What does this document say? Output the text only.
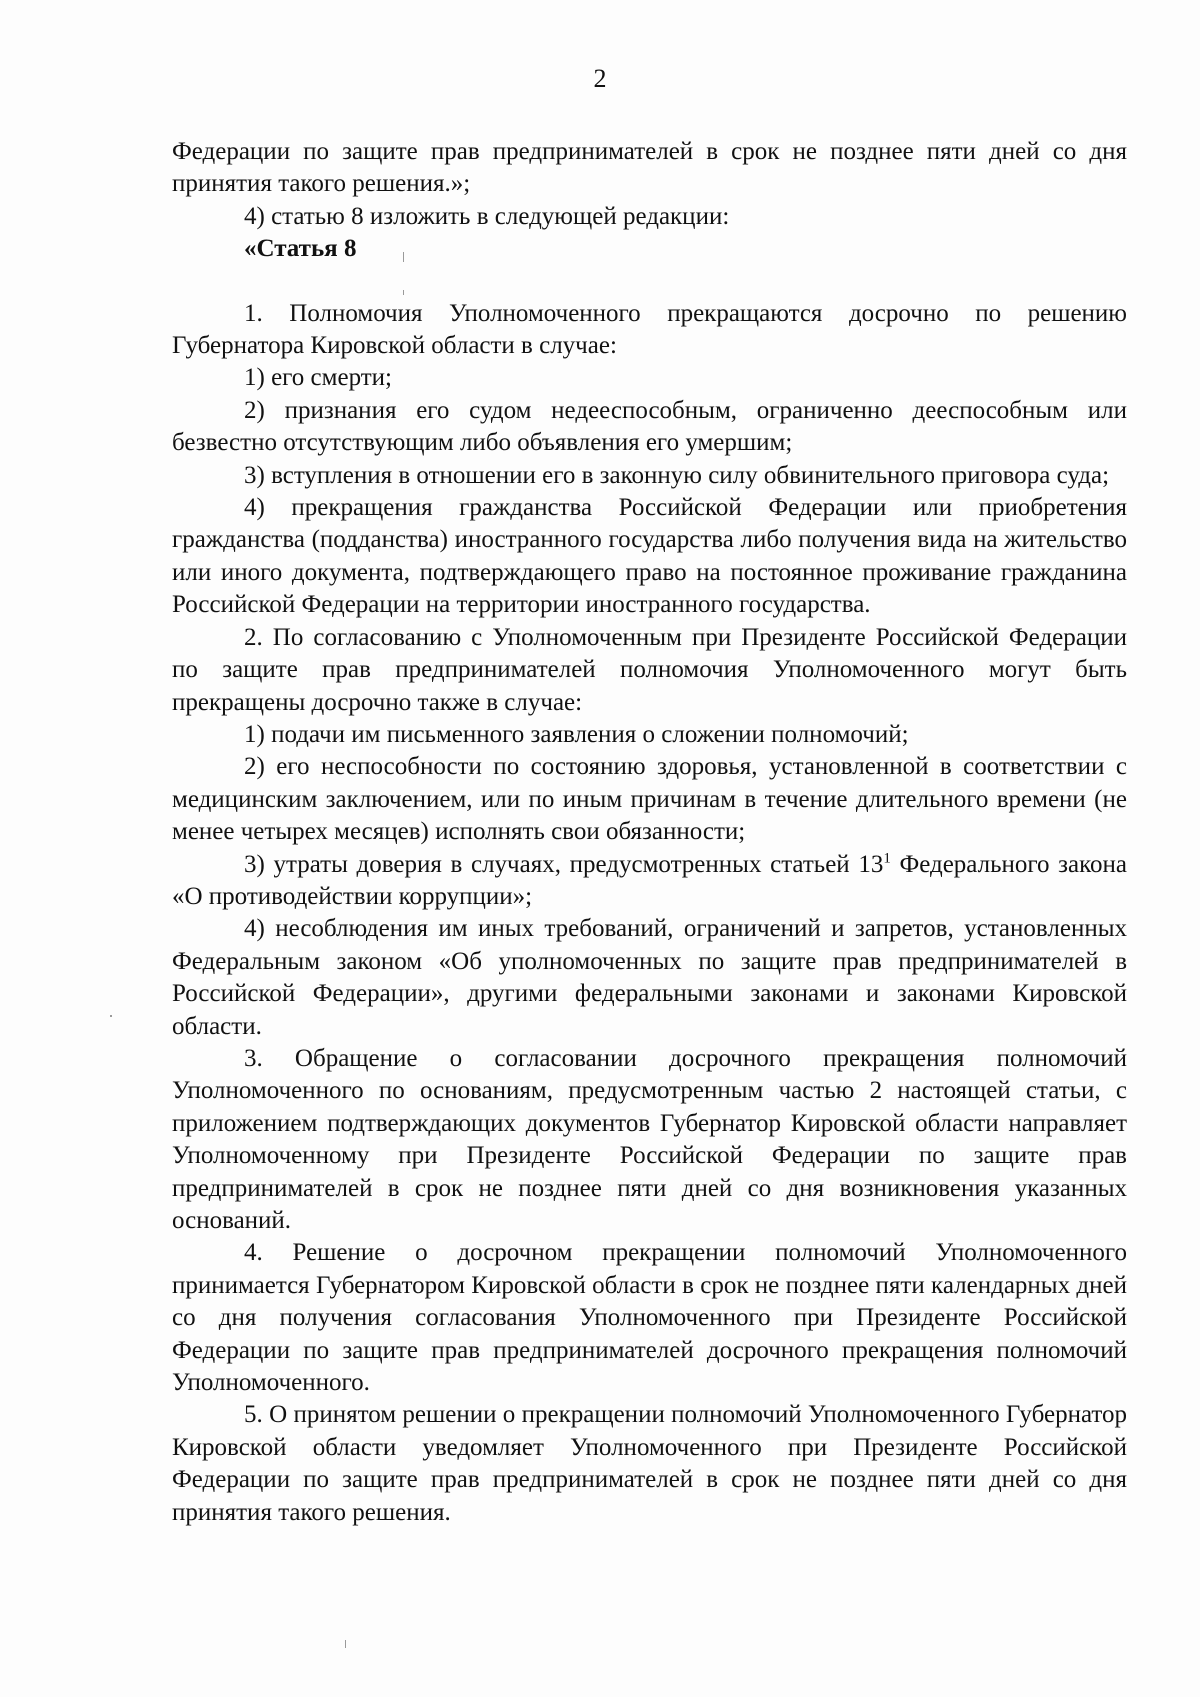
2

Федерации по защите прав предпринимателей в срок не позднее пяти дней со дня принятия такого решения.»;

4) статью 8 изложить в следующей редакции:

«Статья 8

1. Полномочия Уполномоченного прекращаются досрочно по решению Губернатора Кировской области в случае:

1) его смерти;

2) признания его судом недееспособным, ограниченно дееспособным или безвестно отсутствующим либо объявления его умершим;

3) вступления в отношении его в законную силу обвинительного приговора суда;

4) прекращения гражданства Российской Федерации или приобретения гражданства (подданства) иностранного государства либо получения вида на жительство или иного документа, подтверждающего право на постоянное проживание гражданина Российской Федерации на территории иностранного государства.

2. По согласованию с Уполномоченным при Президенте Российской Федерации по защите прав предпринимателей полномочия Уполномоченного могут быть прекращены досрочно также в случае:

1) подачи им письменного заявления о сложении полномочий;

2) его неспособности по состоянию здоровья, установленной в соответствии с медицинским заключением, или по иным причинам в течение длительного времени (не менее четырех месяцев) исполнять свои обязанности;

3) утраты доверия в случаях, предусмотренных статьей $13^1$ Федерального закона «О противодействии коррупции»;

4) несоблюдения им иных требований, ограничений и запретов, установленных Федеральным законом «Об уполномоченных по защите прав предпринимателей в Российской Федерации», другими федеральными законами и законами Кировской области.

3. Обращение о согласовании досрочного прекращения полномочий Уполномоченного по основаниям, предусмотренным частью 2 настоящей статьи, с приложением подтверждающих документов Губернатор Кировской области направляет Уполномоченному при Президенте Российской Федерации по защите прав предпринимателей в срок не позднее пяти дней со дня возникновения указанных оснований.

4. Решение о досрочном прекращении полномочий Уполномоченного принимается Губернатором Кировской области в срок не позднее пяти календарных дней со дня получения согласования Уполномоченного при Президенте Российской Федерации по защите прав предпринимателей досрочного прекращения полномочий Уполномоченного.

5. О принятом решении о прекращении полномочий Уполномоченного Губернатор Кировской области уведомляет Уполномоченного при Президенте Российской Федерации по защите прав предпринимателей в срок не позднее пяти дней со дня принятия такого решения.
